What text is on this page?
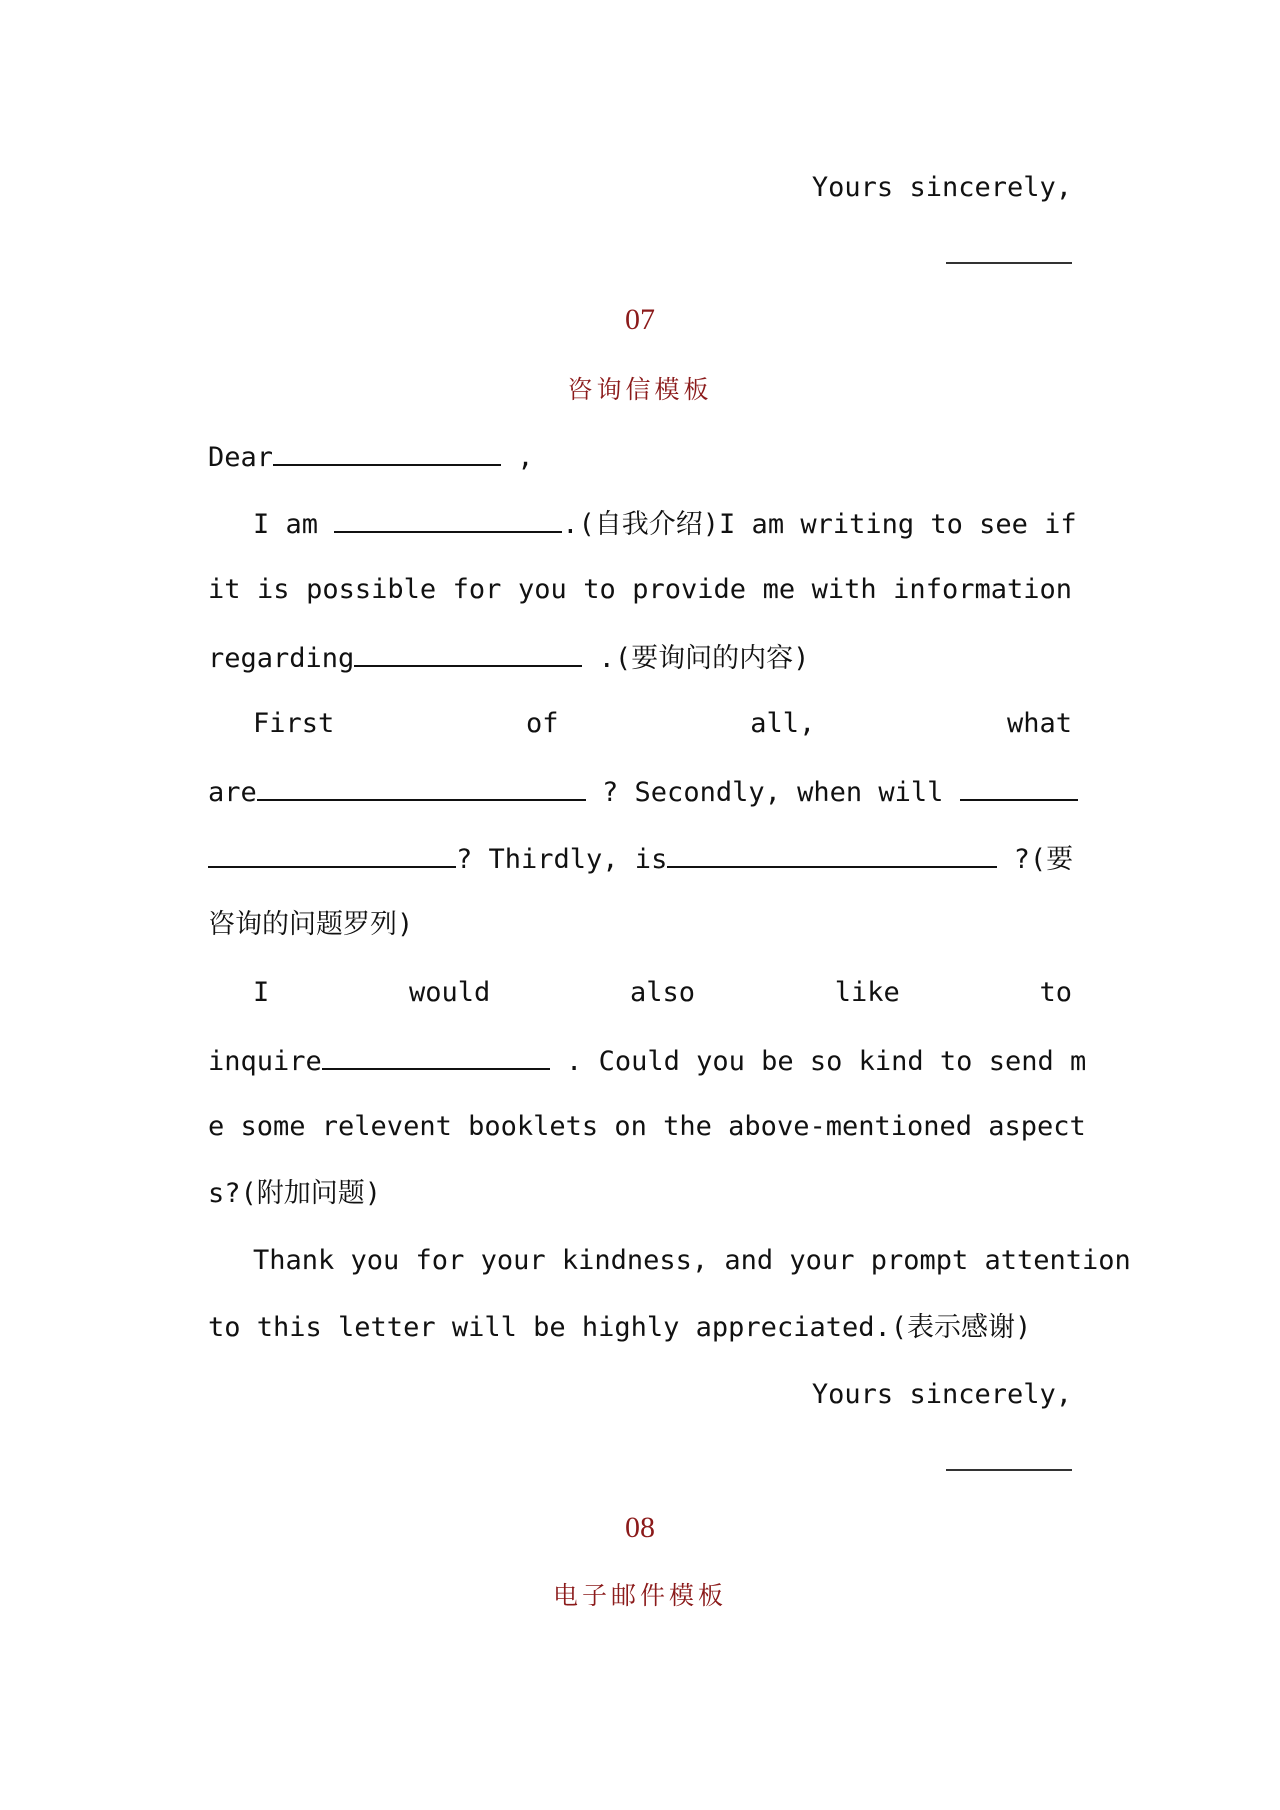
Yours sincerely,
07
咨询信模板
Dear	,
I am	.(自我介绍)I am writing to see if
it is possible for you to provide me with information
regarding	.(要询问的内容)
First	of	all,	what
are	? Secondly, when will
? Thirdly, is	?(要
咨询的问题罗列)
I	would	also	like	to
inquire	. Could you be so kind to send m
e some relevent booklets on the above-mentioned aspect
s?(附加问题)
Thank you for your kindness, and your prompt attention
to this letter will be highly appreciated.(表示感谢)
Yours sincerely,
08
电子邮件模板
